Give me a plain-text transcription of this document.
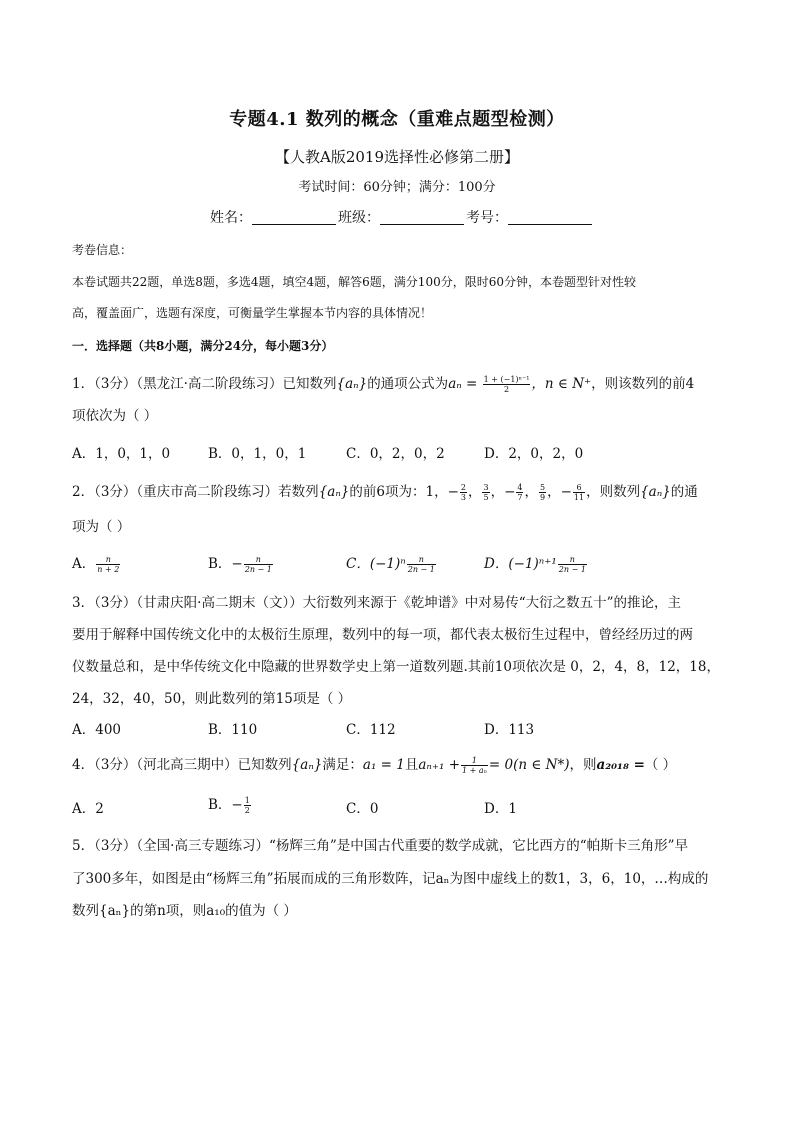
专题4.1 数列的概念（重难点题型检测）
【人教A版2019选择性必修第二册】
考试时间：60分钟；满分：100分
姓名：	班级：	考号：
考卷信息：
本卷试题共22题，单选8题，多选4题，填空4题，解答6题，满分100分，限时60分钟，本卷题型针对性较
高，覆盖面广，选题有深度，可衡量学生掌握本节内容的具体情况！
一．选择题（共8小题，满分24分，每小题3分）
1．（3分）（黑龙江·高二阶段练习）已知数列{aₙ}的通项公式为$a_n = \frac{\text{1 + (−1)ⁿ⁻¹}}{2}$ ，n ∈ N⁺，则该数列的前4
项依次为（ ）
A．1，0，1，0	B．0，1，0，1	C．0，2，0，2	D．2，0，2，0
2．（3分）（重庆市高二阶段练习）若数列{aₙ}的前6项为：1，− $\frac{2}{3}$ ， $\frac{3}{5}$ ，− $\frac{4}{7}$ ， $\frac{5}{9}$ ，− $\frac{6}{11}$ ，则数列{aₙ}的通
项为（ ）
A． $\frac{n}{n + 2}$	B．− $\frac{n}{2n - 1}$	C．$(-1)^n \frac{n}{2n - 1}$	D．$(-1)^{n+1} \frac{n}{2n - 1}$
3．（3分）（甘肃庆阳·高二期末（文））大衍数列来源于《乾坤谱》中对易传“大衍之数五十”的推论，主
要用于解释中国传统文化中的太极衍生原理，数列中的每一项，都代表太极衍生过程中，曾经经历过的两
仪数量总和，是中华传统文化中隐藏的世界数学史上第一道数列题.其前10项依次是 0，2，4，8，12，18，
24，32，40，50，则此数列的第15项是（ ）
A．400	B．110	C．112	D．113
4．（3分）（河北高三期中）已知数列{aₙ}满足：a₁ = 1且$a_{n+1} + \frac{1}{\text{1 + aₙ}} = 0(n$ ∈ N*)，则a₂₀₁₈ =（ ）
A．2	B．− $\frac{1}{2}$	C．0	D．1
5．（3分）（全国·高三专题练习）“杨辉三角”是中国古代重要的数学成就，它比西方的“帕斯卡三角形”早
了300多年，如图是由“杨辉三角”拓展而成的三角形数阵，记aₙ为图中虚线上的数1，3，6，10，…构成的
数列{aₙ}的第n项，则a₁₀的值为（ ）
